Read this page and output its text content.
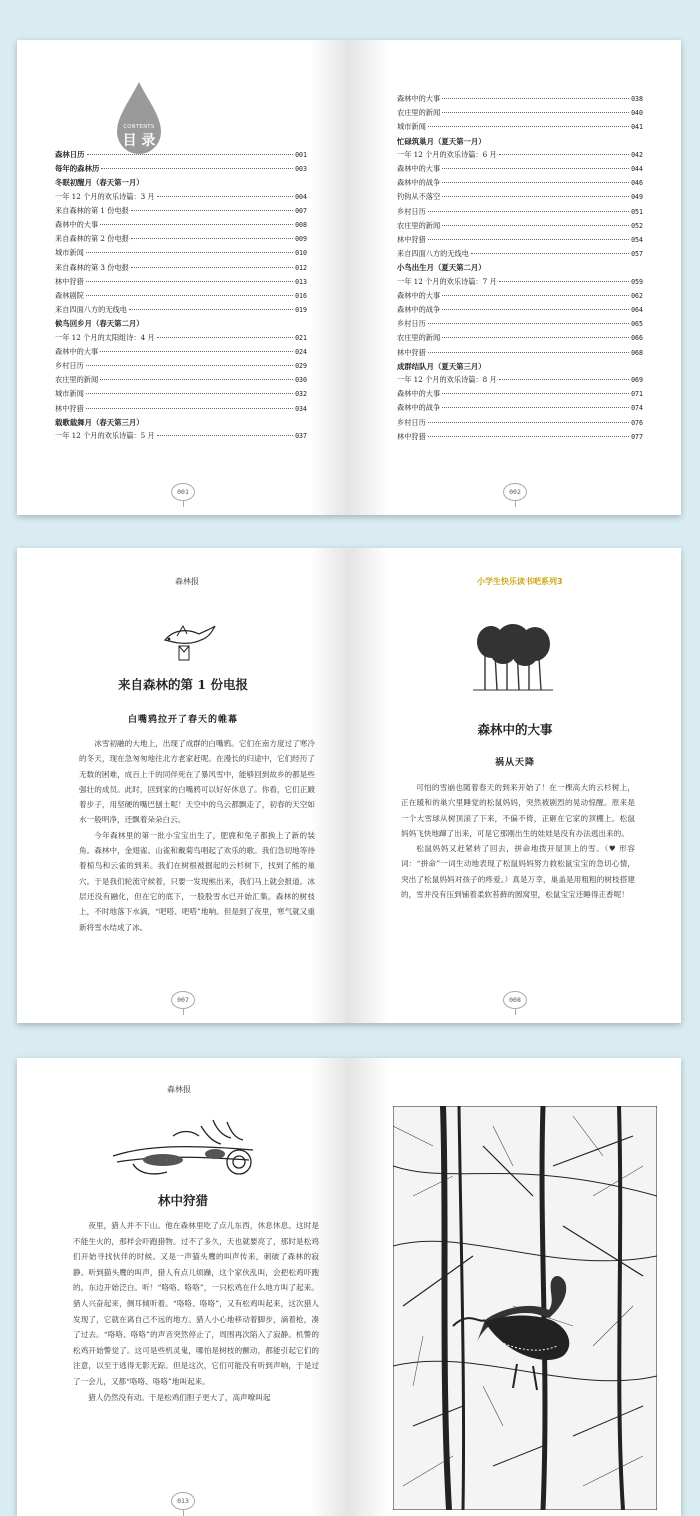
CONTENTS
目 录
森林日历	001
每年的森林历	003
冬眠初醒月（春天第一月）
一年 12 个月的欢乐诗篇：3 月	004
来自森林的第 1 份电报	007
森林中的大事	008
来自森林的第 2 份电报	009
城市新闻	010
来自森林的第 3 份电报	012
林中狩猎	013
森林剧院	016
来自四面八方的无线电	019
候鸟回乡月（春天第二月）
一年 12 个月的太阳组诗：4 月	021
森林中的大事	024
乡村日历	029
农庄里的新闻	030
城市新闻	032
林中狩猎	034
载歌载舞月（春天第三月）
一年 12 个月的欢乐诗篇：5 月	037
001
森林中的大事	038
农庄里的新闻	040
城市新闻	041
忙碌筑巢月（夏天第一月）
一年 12 个月的欢乐诗篇：6 月	042
森林中的大事	044
森林中的战争	046
钓钩从不落空	049
乡村日历	051
农庄里的新闻	052
林中狩猎	054
来自四面八方的无线电	057
小鸟出生月（夏天第二月）
一年 12 个月的欢乐诗篇：7 月	059
森林中的大事	062
森林中的战争	064
乡村日历	065
农庄里的新闻	066
林中狩猎	068
成群结队月（夏天第三月）
一年 12 个月的欢乐诗篇：8 月	069
森林中的大事	071
森林中的战争	074
乡村日历	076
林中狩猎	077
002
森林报
来自森林的第 1 份电报
白嘴鸦拉开了春天的帷幕

冰雪初融的大地上，出现了成群的白嘴鸦。它们在南方度过了寒冷的冬天，现在急匆匆地往北方老家赶呢。在漫长的归途中，它们经历了无数的困难，成百上千的同伴死在了暴风雪中，能够回到故乡的都是些强壮的成员。此时，回到家的白嘴鸦可以好好休息了。你看，它们正踱着步子，用坚硬的嘴巴刨土呢！天空中的乌云都飘走了，初春的天空如水一般明净，还飘着朵朵白云。

今年森林里的第一批小宝宝出生了，肥鹿和兔子都换上了新的装角。森林中，金翅雀、山雀和戴菊鸟唱起了欢乐的歌。我们急切地等待着椋鸟和云雀的到来。我们在树根被掘起的云杉树下，找到了熊的巢穴。于是我们轮流守候着，只要一发现熊出来，我们马上就会报道。冰层还没有融化，但在它的底下，一股股雪水已开始汇集。森林的树枝上，不时地落下水滴，“吧嗒、吧嗒”地响。但是到了夜里，寒气就又重新将雪水结成了冰。

007
小学生快乐读书吧系列3
森林中的大事
祸从天降

可怕的雪崩也随着春天的到来开始了！在一棵高大的云杉树上，正在暖和的巢穴里睡觉的松鼠妈妈，突然被剧烈的晃动惊醒。原来是一个大雪球从树顶滚了下来，不偏不倚，正砸在它家的顶棚上。松鼠妈妈飞快地蹿了出来，可是它那刚出生的娃娃是没有办法逃出来的。

松鼠妈妈又赶紧转了回去，拼命地拨开屋顶上的雪。（♥ 形容词：“拼命”一词生动地表现了松鼠妈妈努力救松鼠宝宝的急切心情，突出了松鼠妈妈对孩子的疼爱。）真是万幸，巢盖是用粗粗的树枝搭建的，雪并没有压到铺着柔软苔藓的圆窝里，松鼠宝宝还睡得正香呢！

008
森林报
林中狩猎

夜里，猎人并不下山。他在森林里吃了点儿东西，休息休息。这时是不能生火的，那样会吓跑猎物。过不了多久，天也就要亮了，那时是松鸡们开始寻找伙伴的时候。又是一声猫头鹰的叫声传来，刺破了森林的寂静。听到猫头鹰的叫声，猎人有点儿烦躁，这个家伙乱叫，会把松鸡吓跑的。东边开始泛白。听！“咯咯、咯咯”，一只松鸡在什么地方叫了起来。猎人兴奋起来，侧耳倾听着。“咯咯、咯咯”，又有松鸡叫起来，这次猎人发现了，它就在离自己不远的地方。猎人小心地移动着脚步，滴着枪，凑了过去。“咯咯、咯咯”的声音突然停止了，周围再次陷入了寂静。机警的松鸡开始警觉了。这可是些机灵鬼，哪怕是树枝的颤动，都能引起它们的注意，以至于逃得无影无踪。但是这次，它们可能没有听到声响，于是过了一会儿，又都“咯咯、咯咯”地叫起来。

猎人仍然没有动。于是松鸡们胆子更大了，高声嘹叫起

013
